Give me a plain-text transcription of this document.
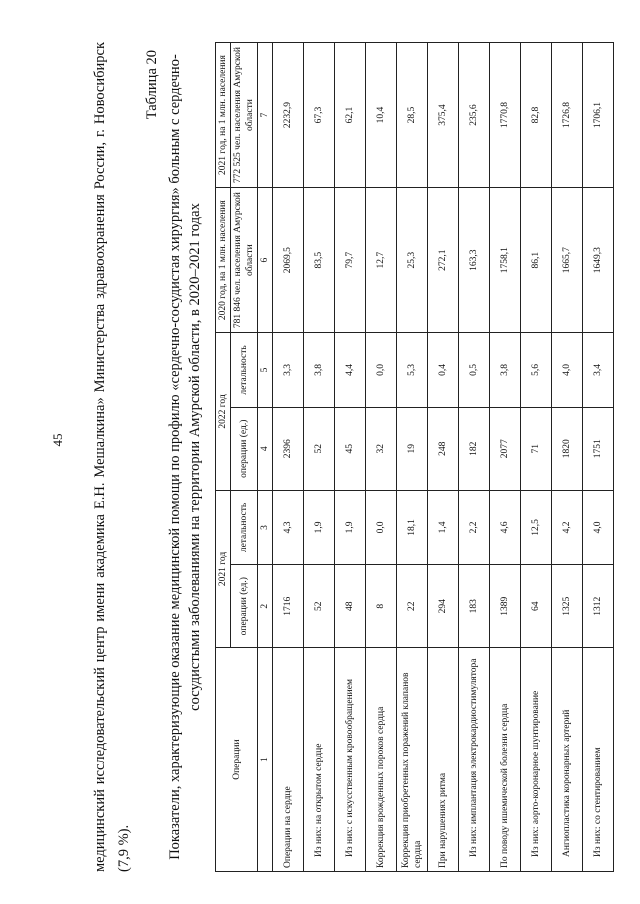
45	медицинский исследовательский центр имени академика Е.Н. Мешалкина» Министерства здравоохранения России, г. Новосибирск (7,9 %).

Таблица 20 Показатели, характеризующие оказание медицинской помощи по профилю «сердечно-сосудистая хирургия» больным с сердечно-сосудистыми заболеваниями на территории Амурской области, в 2020–2021 годах
Операции	2021 год		2022 год		2020 год, на 1 млн. населения	2021 год, на 1 млн. населения
	операции (ед.)	летальность	операции (ед.)	летальность	781 846 чел. населения Амурской области	772 525 чел. населения Амурской области
1	2	3	4	5	6	7
Операции на сердце	1716	4,3	2396	3,3	2069,5	2232,9
Из них: на открытом сердце	52	1,9	52	3,8	83,5	67,3
Из них: с искусственным кровообращением	48	1,9	45	4,4	79,7	62,1
Коррекция врожденных пороков сердца	8	0,0	32	0,0	12,7	10,4
Коррекция приобретенных поражений клапанов сердца	22	18,1	19	5,3	25,3	28,5
При нарушениях ритма	294	1,4	248	0,4	272,1	375,4
Из них: имплантация электрокардиостимулятора	183	2,2	182	0,5	163,3	235,6
По поводу ишемической болезни сердца	1389	4,6	2077	3,8	1758,1	1770,8
Из них: аорто-коронарное шунтирование	64	12,5	71	5,6	86,1	82,8
Ангиопластика коронарных артерий	1325	4,2	1820	4,0	1665,7	1726,8
Из них: со стентированием	1312	4,0	1751	3,4	1649,3	1706,1
